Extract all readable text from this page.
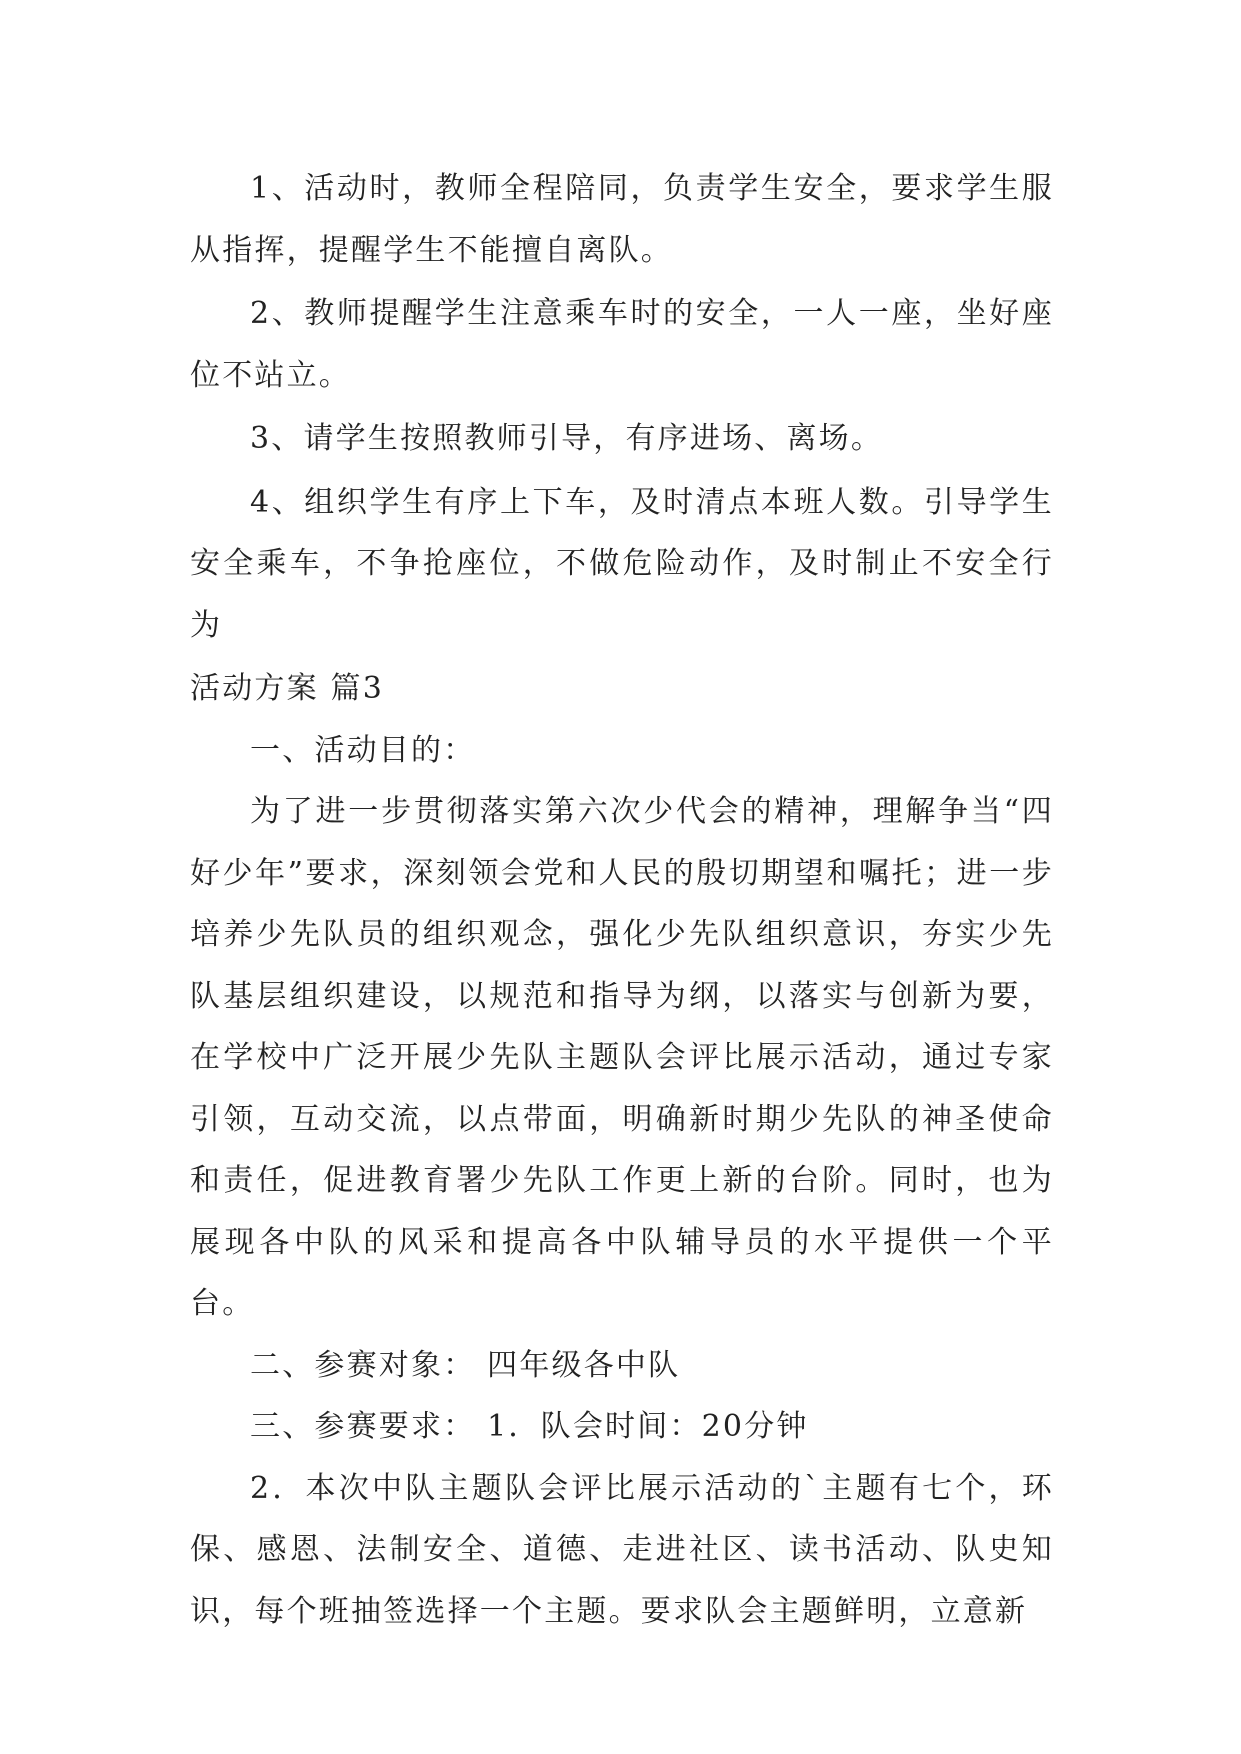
1、活动时，教师全程陪同，负责学生安全，要求学生服从指挥，提醒学生不能擅自离队。

2、教师提醒学生注意乘车时的安全，一人一座，坐好座位不站立。

3、请学生按照教师引导，有序进场、离场。

4、组织学生有序上下车，及时清点本班人数。引导学生安全乘车，不争抢座位，不做危险动作，及时制止不安全行为

活动方案 篇3

一、活动目的：

为了进一步贯彻落实第六次少代会的精神，理解争当“四好少年”要求，深刻领会党和人民的殷切期望和嘱托；进一步培养少先队员的组织观念，强化少先队组织意识，夯实少先队基层组织建设，以规范和指导为纲，以落实与创新为要， 在学校中广泛开展少先队主题队会评比展示活动，通过专家引领，互动交流，以点带面，明确新时期少先队的神圣使命和责任，促进教育署少先队工作更上新的台阶。同时，也为展现各中队的风采和提高各中队辅导员的水平提供一个平台。

二、参赛对象： 四年级各中队

三、参赛要求： 1．队会时间：20分钟

2．本次中队主题队会评比展示活动的`主题有七个，环保、感恩、法制安全、道德、走进社区、读书活动、队史知识，每个班抽签选择一个主题。要求队会主题鲜明，立意新
